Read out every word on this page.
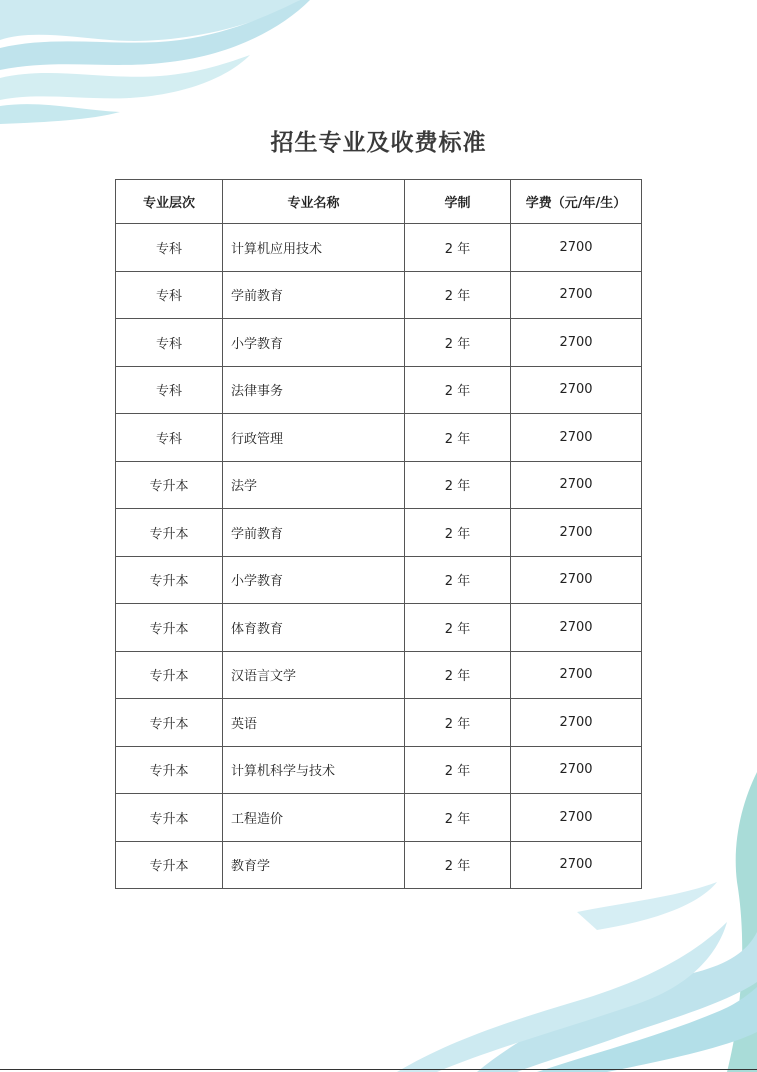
招生专业及收费标准
专业层次	专业名称	学制	学费（元/年/生）
专科	计算机应用技术	2 年	2700
专科	学前教育	2 年	2700
专科	小学教育	2 年	2700
专科	法律事务	2 年	2700
专科	行政管理	2 年	2700
专升本	法学	2 年	2700
专升本	学前教育	2 年	2700
专升本	小学教育	2 年	2700
专升本	体育教育	2 年	2700
专升本	汉语言文学	2 年	2700
专升本	英语	2 年	2700
专升本	计算机科学与技术	2 年	2700
专升本	工程造价	2 年	2700
专升本	教育学	2 年	2700
